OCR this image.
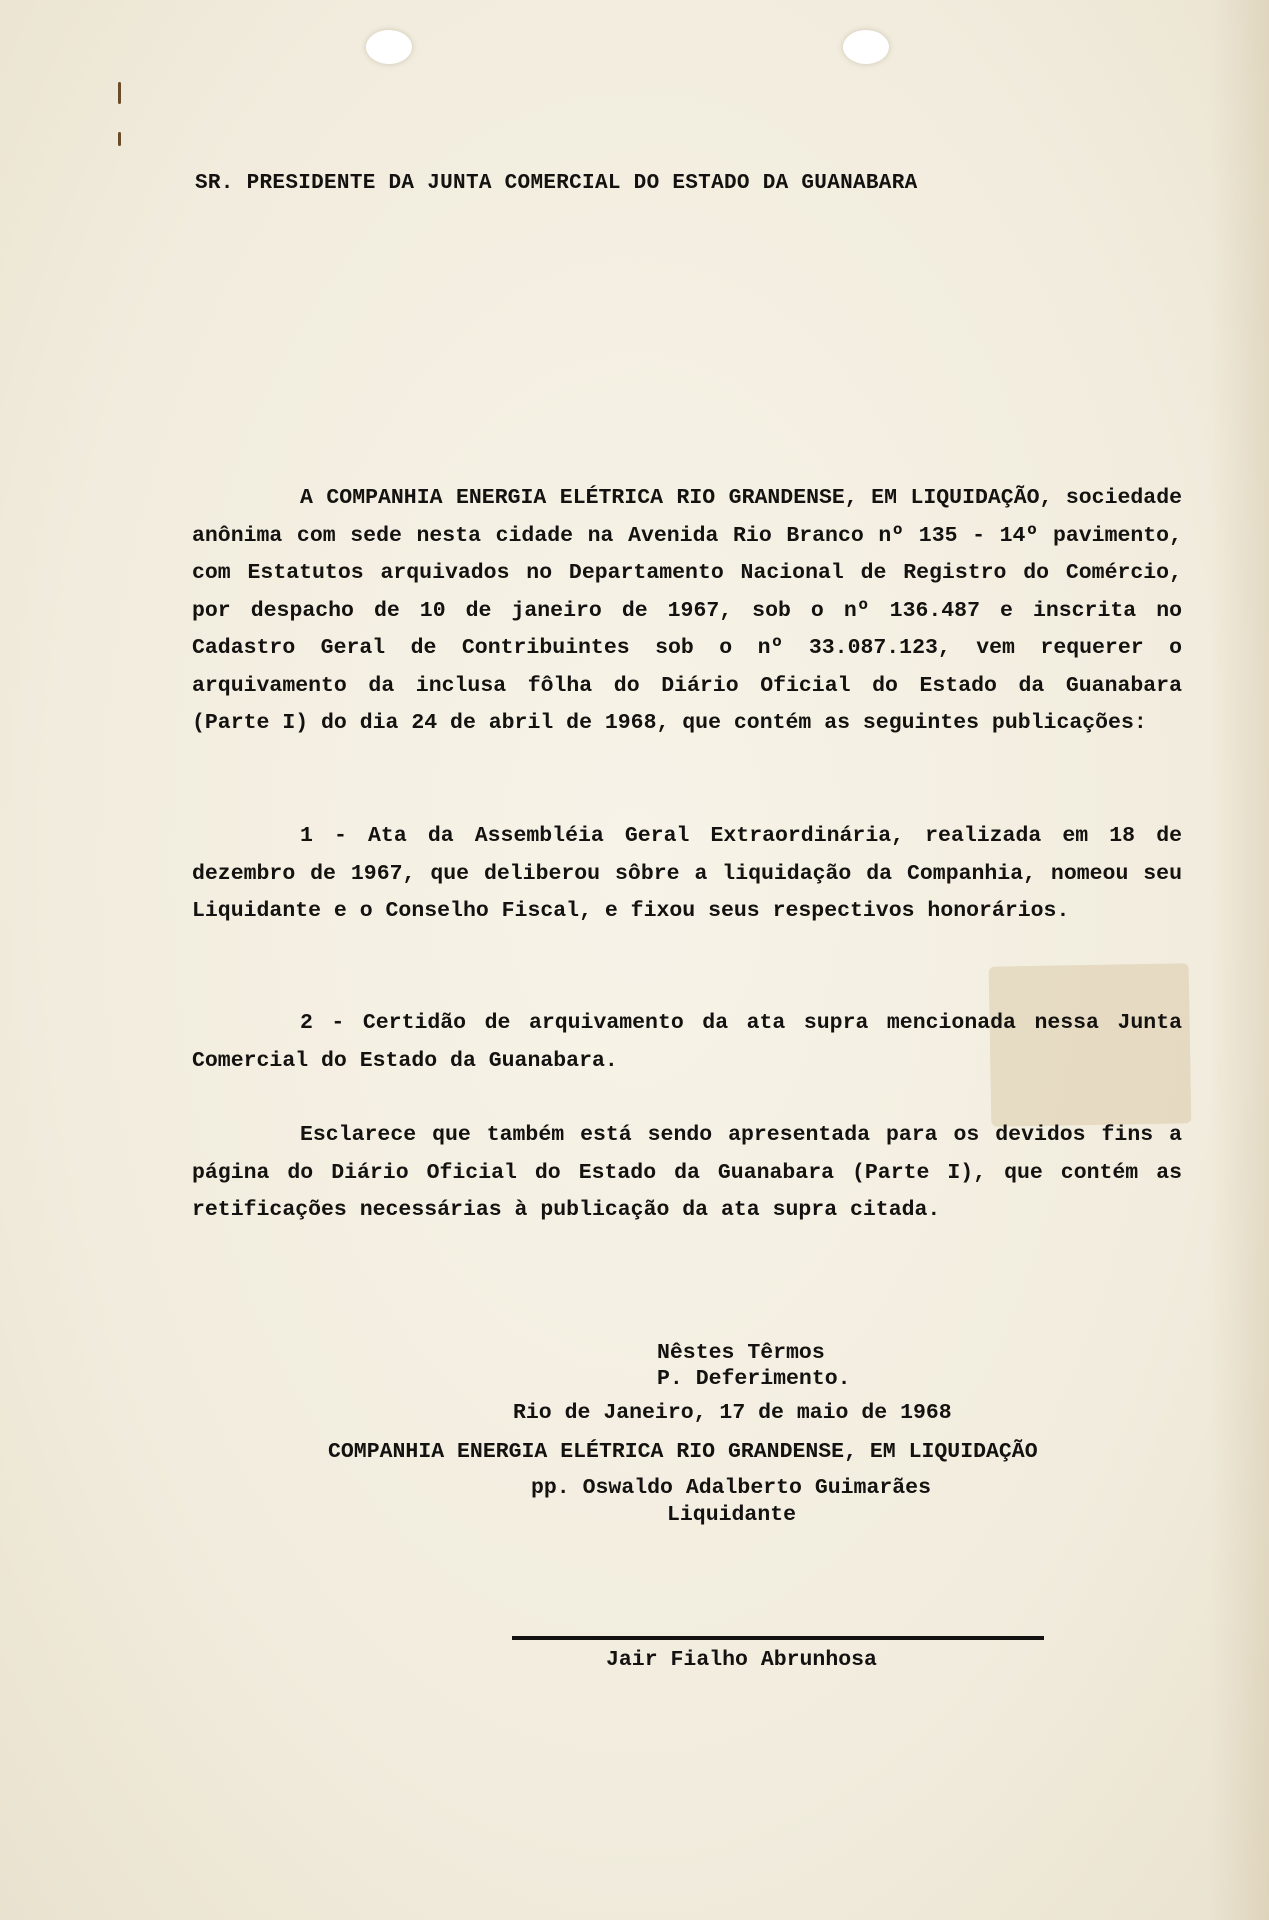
SR. PRESIDENTE DA JUNTA COMERCIAL DO ESTADO DA GUANABARA
A COMPANHIA ENERGIA ELÉTRICA RIO GRANDENSE, EM LIQUIDAÇÃO, sociedade anônima com sede nesta cidade na Avenida Rio Branco nº 135 - 14º pavimento, com Estatutos arquivados no Departamento Nacional de Registro do Comércio, por despacho de 10 de janeiro de 1967, sob o nº 136.487 e inscrita no Cadastro Geral de Contribuintes sob o nº 33.087.123, vem requerer o arquivamento da inclusa fôlha do Diário Oficial do Estado da Guanabara (Parte I) do dia 24 de abril de 1968, que contém as seguintes publicações:
1 - Ata da Assembléia Geral Extraordinária, realizada em 18 de dezembro de 1967, que deliberou sôbre a liquidação da Companhia, nomeou seu Liquidante e o Conselho Fiscal, e fixou seus respectivos honorários.
2 - Certidão de arquivamento da ata supra mencionada nessa Junta Comercial do Estado da Guanabara.
Esclarece que também está sendo apresentada para os devidos fins a página do Diário Oficial do Estado da Guanabara (Parte I), que contém as retificações necessárias à publicação da ata supra citada.
Nêstes Têrmos
P. Deferimento.
Rio de Janeiro, 17 de maio de 1968
COMPANHIA ENERGIA ELÉTRICA RIO GRANDENSE, EM LIQUIDAÇÃO
pp. Oswaldo Adalberto Guimarães
Liquidante
Jair Fialho Abrunhosa
